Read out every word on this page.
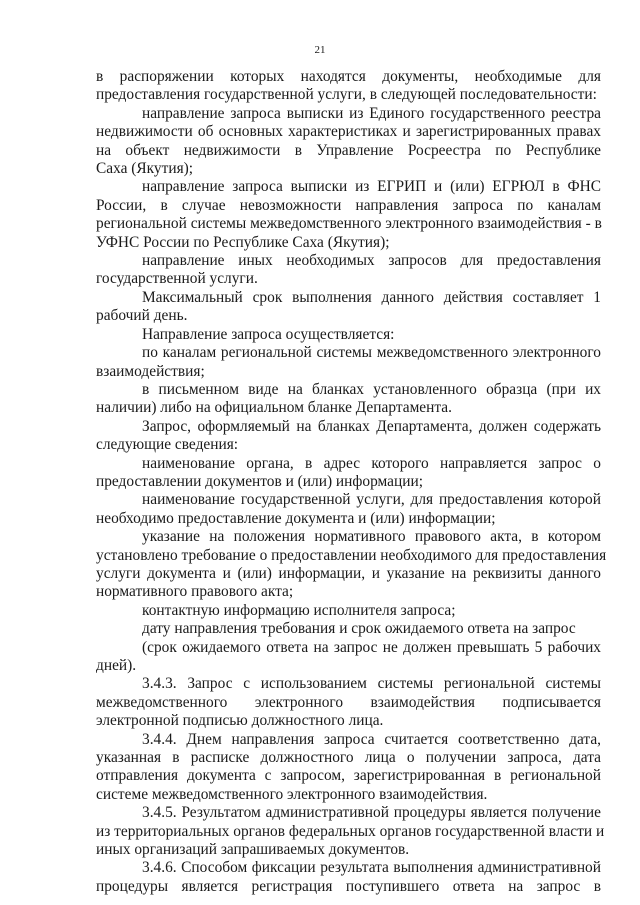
21

в распоряжении которых находятся документы, необходимые для

предоставления государственной услуги, в следующей последовательности:

направление запроса выписки из Единого государственного реестра

недвижимости об основных характеристиках и зарегистрированных правах

на объект недвижимости в Управление Росреестра по Республике

Саха (Якутия);

направление запроса выписки из ЕГРИП и (или) ЕГРЮЛ в ФНС

России, в случае невозможности направления запроса по каналам

региональной системы межведомственного электронного взаимодействия - в

УФНС России по Республике Саха (Якутия);

направление иных необходимых запросов для предоставления

государственной услуги.

Максимальный срок выполнения данного действия составляет 1

рабочий день.

Направление запроса осуществляется:

по каналам региональной системы межведомственного электронного

взаимодействия;

в письменном виде на бланках установленного образца (при их

наличии) либо на официальном бланке Департамента.

Запрос, оформляемый на бланках Департамента, должен содержать

следующие сведения:

наименование органа, в адрес которого направляется запрос о

предоставлении документов и (или) информации;

наименование государственной услуги, для предоставления которой

необходимо предоставление документа и (или) информации;

указание на положения нормативного правового акта, в котором

установлено требование о предоставлении необходимого для предоставления

услуги документа и (или) информации, и указание на реквизиты данного

нормативного правового акта;

контактную информацию исполнителя запроса;

дату направления требования и срок ожидаемого ответа на запрос

(срок ожидаемого ответа на запрос не должен превышать 5 рабочих

дней).

3.4.3. Запрос с использованием системы региональной системы

межведомственного электронного взаимодействия подписывается

электронной подписью должностного лица.

3.4.4. Днем направления запроса считается соответственно дата,

указанная в расписке должностного лица о получении запроса, дата

отправления документа с запросом, зарегистрированная в региональной

системе межведомственного электронного взаимодействия.

3.4.5. Результатом административной процедуры является получение

из территориальных органов федеральных органов государственной власти и

иных организаций запрашиваемых документов.

3.4.6. Способом фиксации результата выполнения административной

процедуры является регистрация поступившего ответа на запрос в
